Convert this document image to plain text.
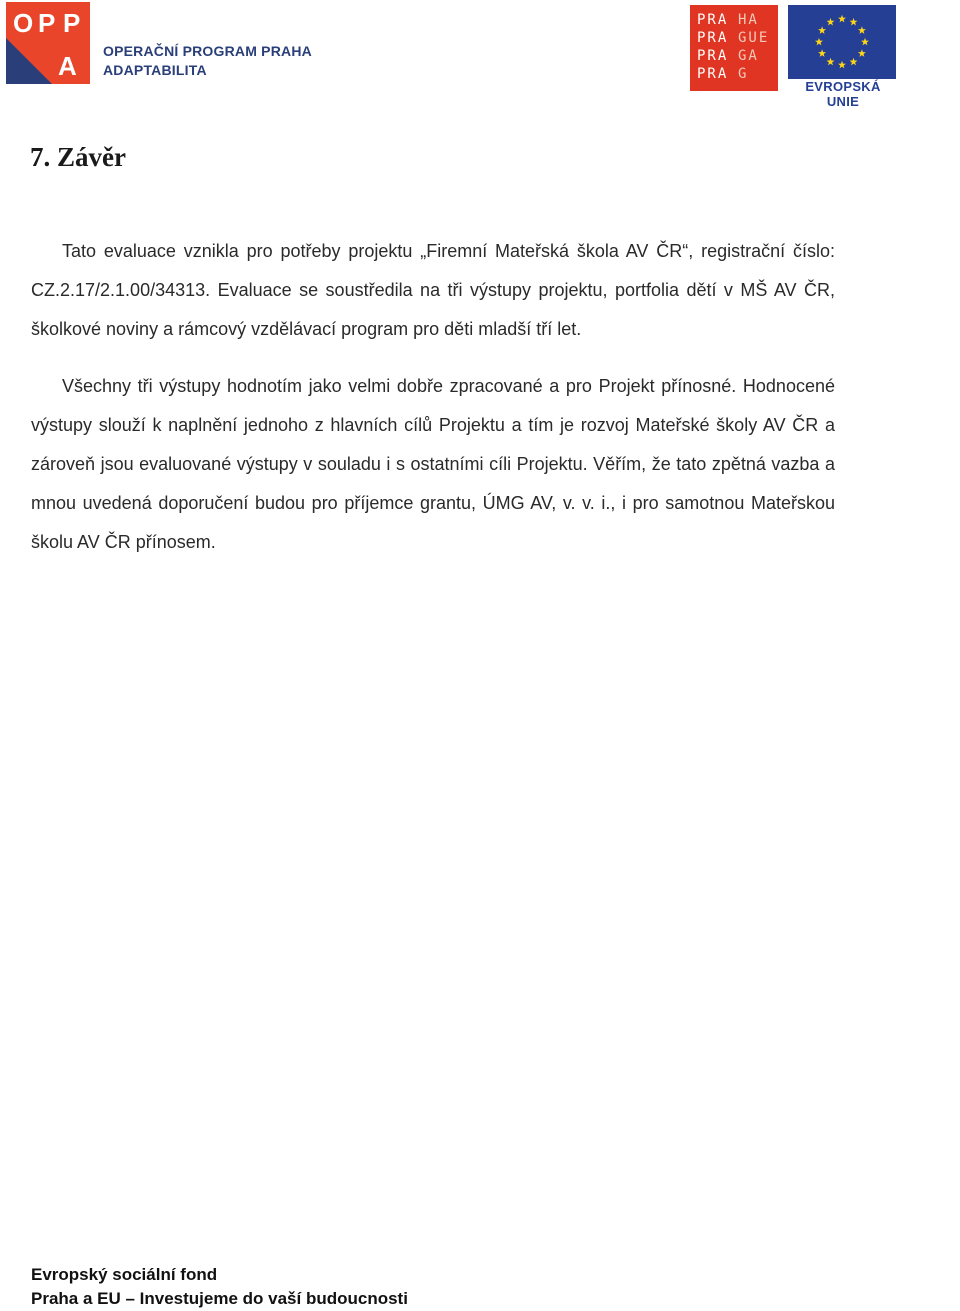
O P P
A OPERAČNÍ PROGRAM PRAHA
ADAPTABILITA
PRA
PRA
PRA
PRA
HA
GUE
GA
G
EVROPSKÁ UNIE
7. Závěr

Tato evaluace vznikla pro potřeby projektu „Firemní Mateřská škola AV ČR“, registrační číslo: CZ.2.17/2.1.00/34313. Evaluace se soustředila na tři výstupy projektu, portfolia dětí v MŠ AV ČR, školkové noviny a rámcový vzdělávací program pro děti mladší tří let.

Všechny tři výstupy hodnotím jako velmi dobře zpracované a pro Projekt přínosné. Hodnocené výstupy slouží k naplnění jednoho z hlavních cílů Projektu a tím je rozvoj Mateřské školy AV ČR a zároveň jsou evaluované výstupy v souladu i s ostatními cíli Projektu. Věřím, že tato zpětná vazba a mnou uvedená doporučení budou pro příjemce grantu, ÚMG AV, v. v. i., i pro samotnou Mateřskou školu AV ČR přínosem.

Evropský sociální fond
Praha a EU – Investujeme do vaší budoucnosti
